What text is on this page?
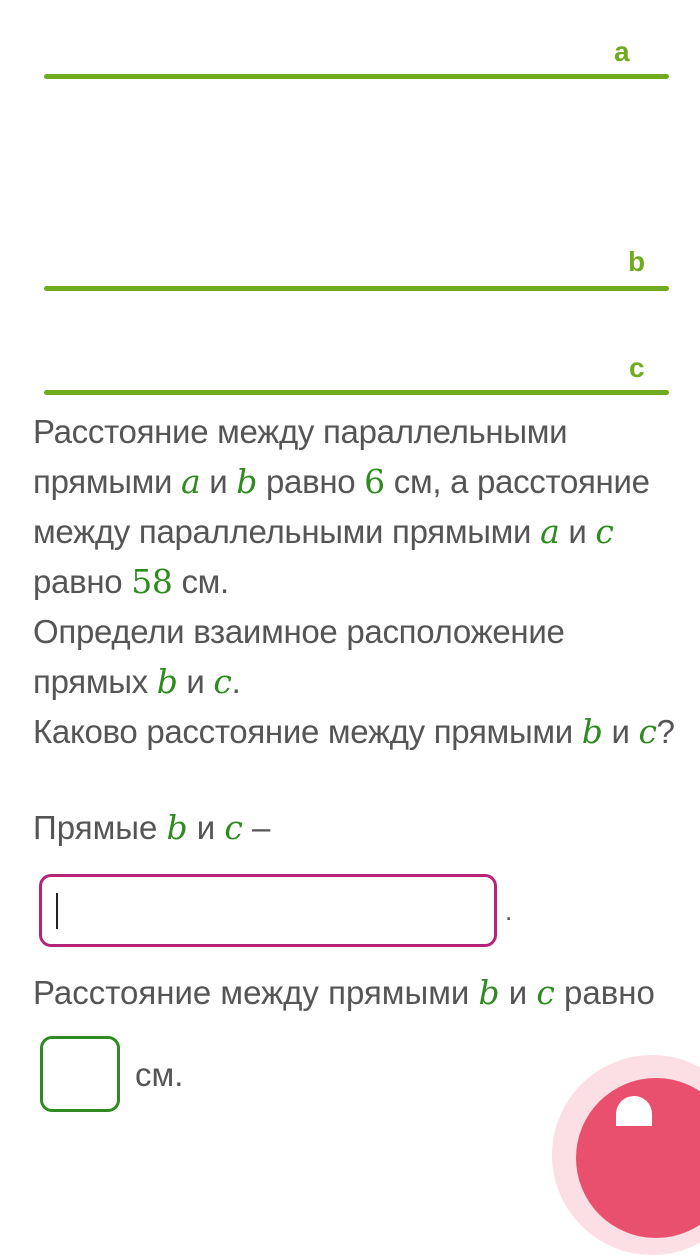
a
b
c

Расстояние между параллельными прямыми a и b равно 6 см, а расстояние между параллельными прямыми a и c равно 58 см.

Определи взаимное расположение прямых b и c.

Каково расстояние между прямыми b и c?

Прямые b и c –
.
Расстояние между прямыми b и c равно
см.
